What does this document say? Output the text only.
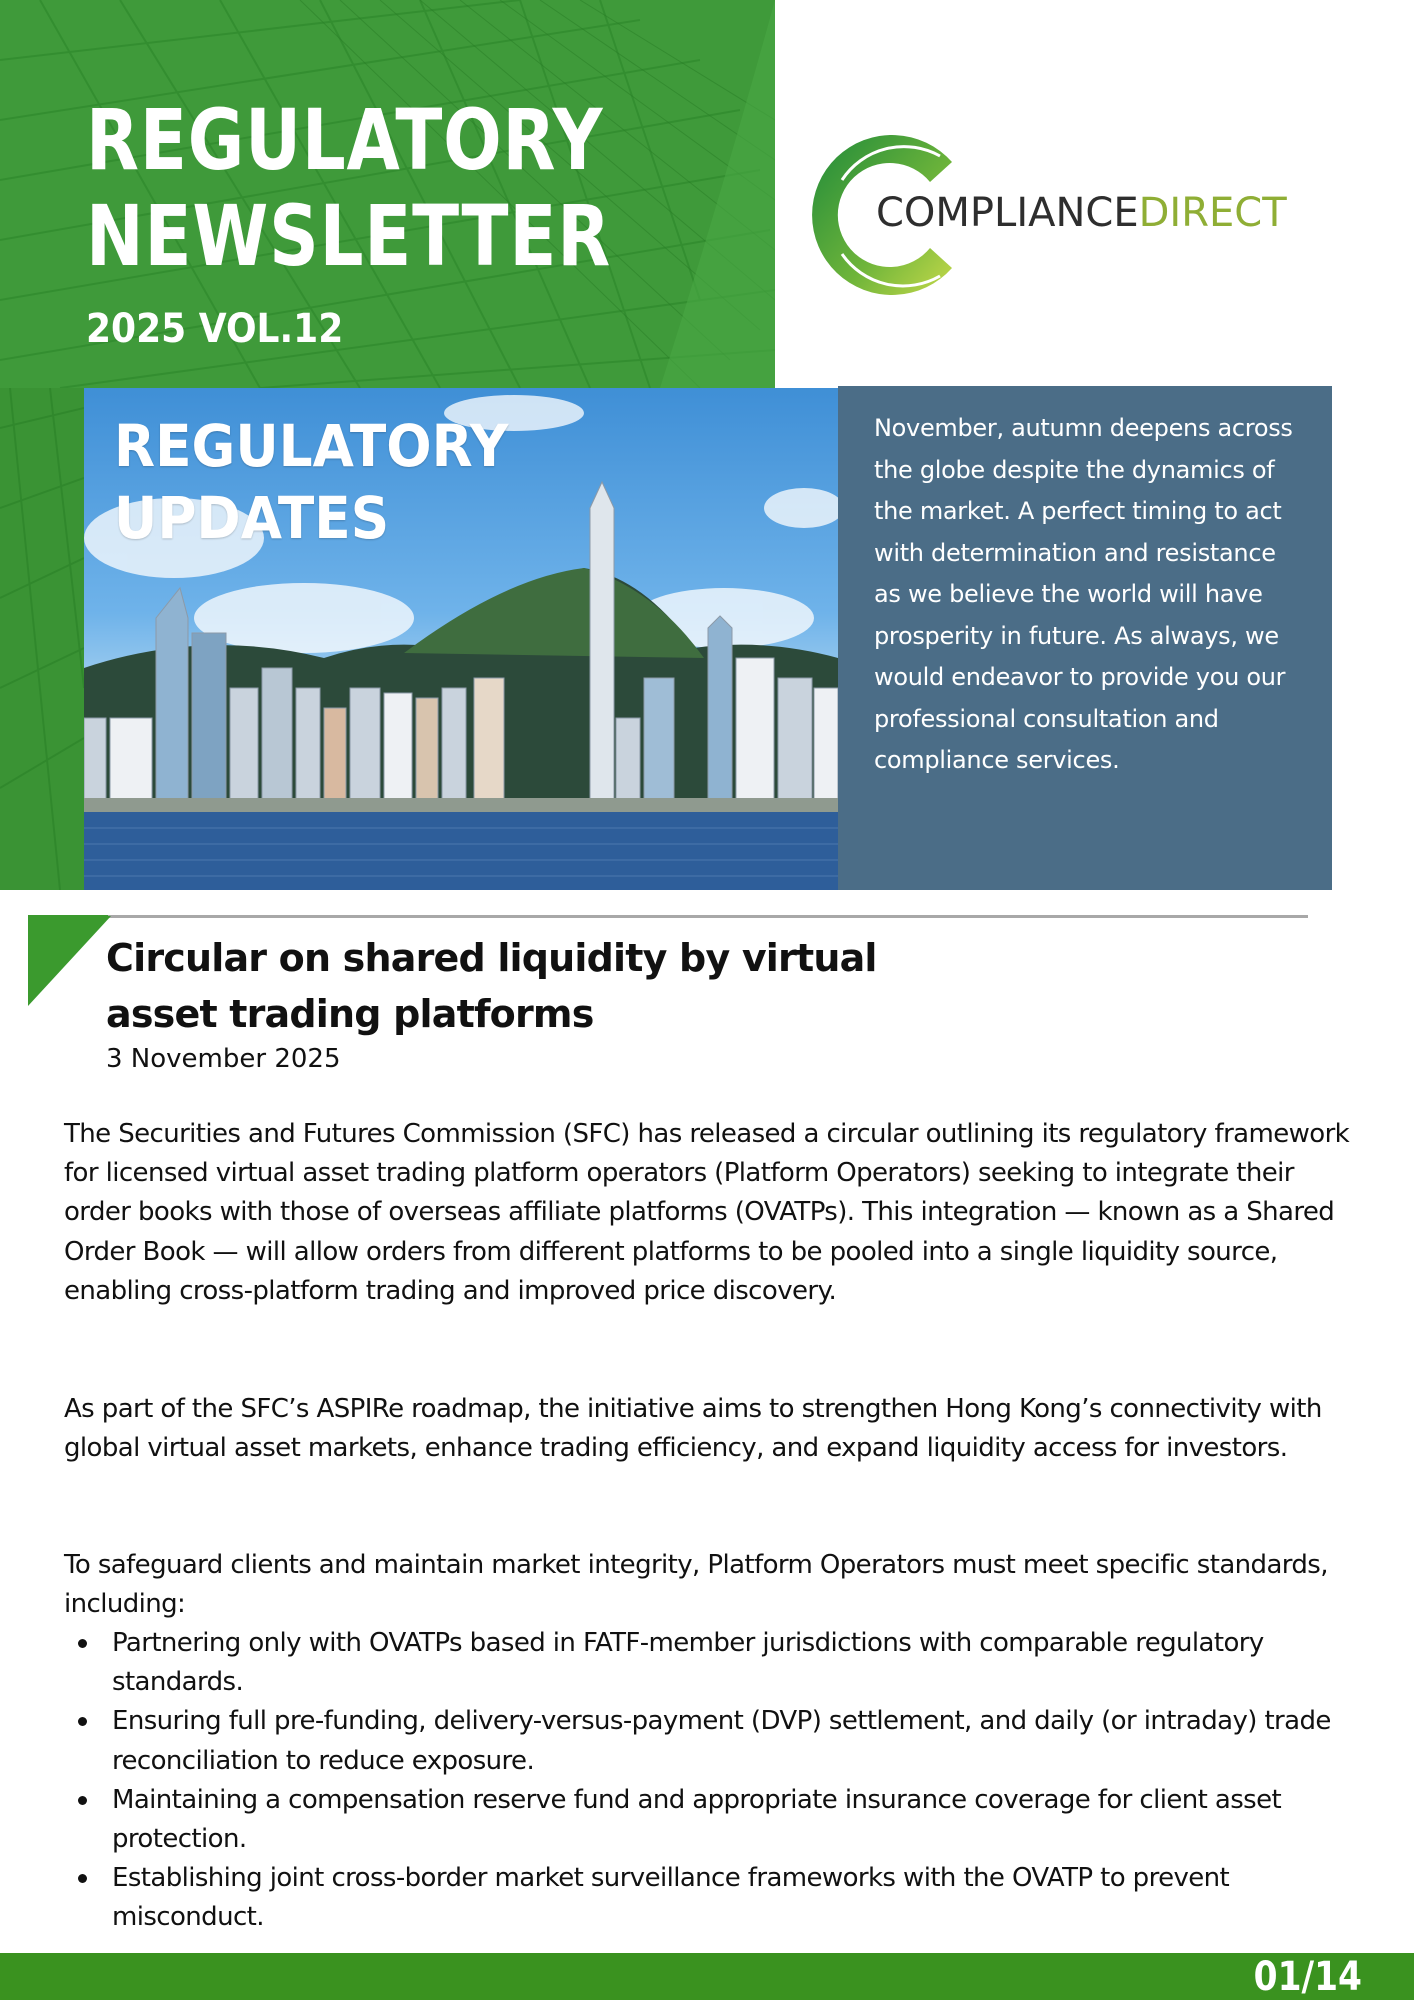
REGULATORY
NEWSLETTER
2025 VOL.12
COMPLIANCEDIRECT
REGULATORY
UPDATES
November, autumn deepens across the globe despite the dynamics of the market. A perfect timing to act with determination and resistance as we believe the world will have prosperity in future. As always, we would endeavor to provide you our professional consultation and compliance services.
Circular on shared liquidity by virtual asset trading platforms
3 November 2025
The Securities and Futures Commission (SFC) has released a circular outlining its regulatory framework for licensed virtual asset trading platform operators (Platform Operators) seeking to integrate their order books with those of overseas affiliate platforms (OVATPs). This integration — known as a Shared Order Book — will allow orders from different platforms to be pooled into a single liquidity source, enabling cross-platform trading and improved price discovery.
As part of the SFC’s ASPIRe roadmap, the initiative aims to strengthen Hong Kong’s connectivity with global virtual asset markets, enhance trading efficiency, and expand liquidity access for investors.
To safeguard clients and maintain market integrity, Platform Operators must meet specific standards, including:
Partnering only with OVATPs based in FATF-member jurisdictions with comparable regulatory standards.
Ensuring full pre-funding, delivery-versus-payment (DVP) settlement, and daily (or intraday) trade reconciliation to reduce exposure.
Maintaining a compensation reserve fund and appropriate insurance coverage for client asset protection.
Establishing joint cross-border market surveillance frameworks with the OVATP to prevent misconduct.
01/14
